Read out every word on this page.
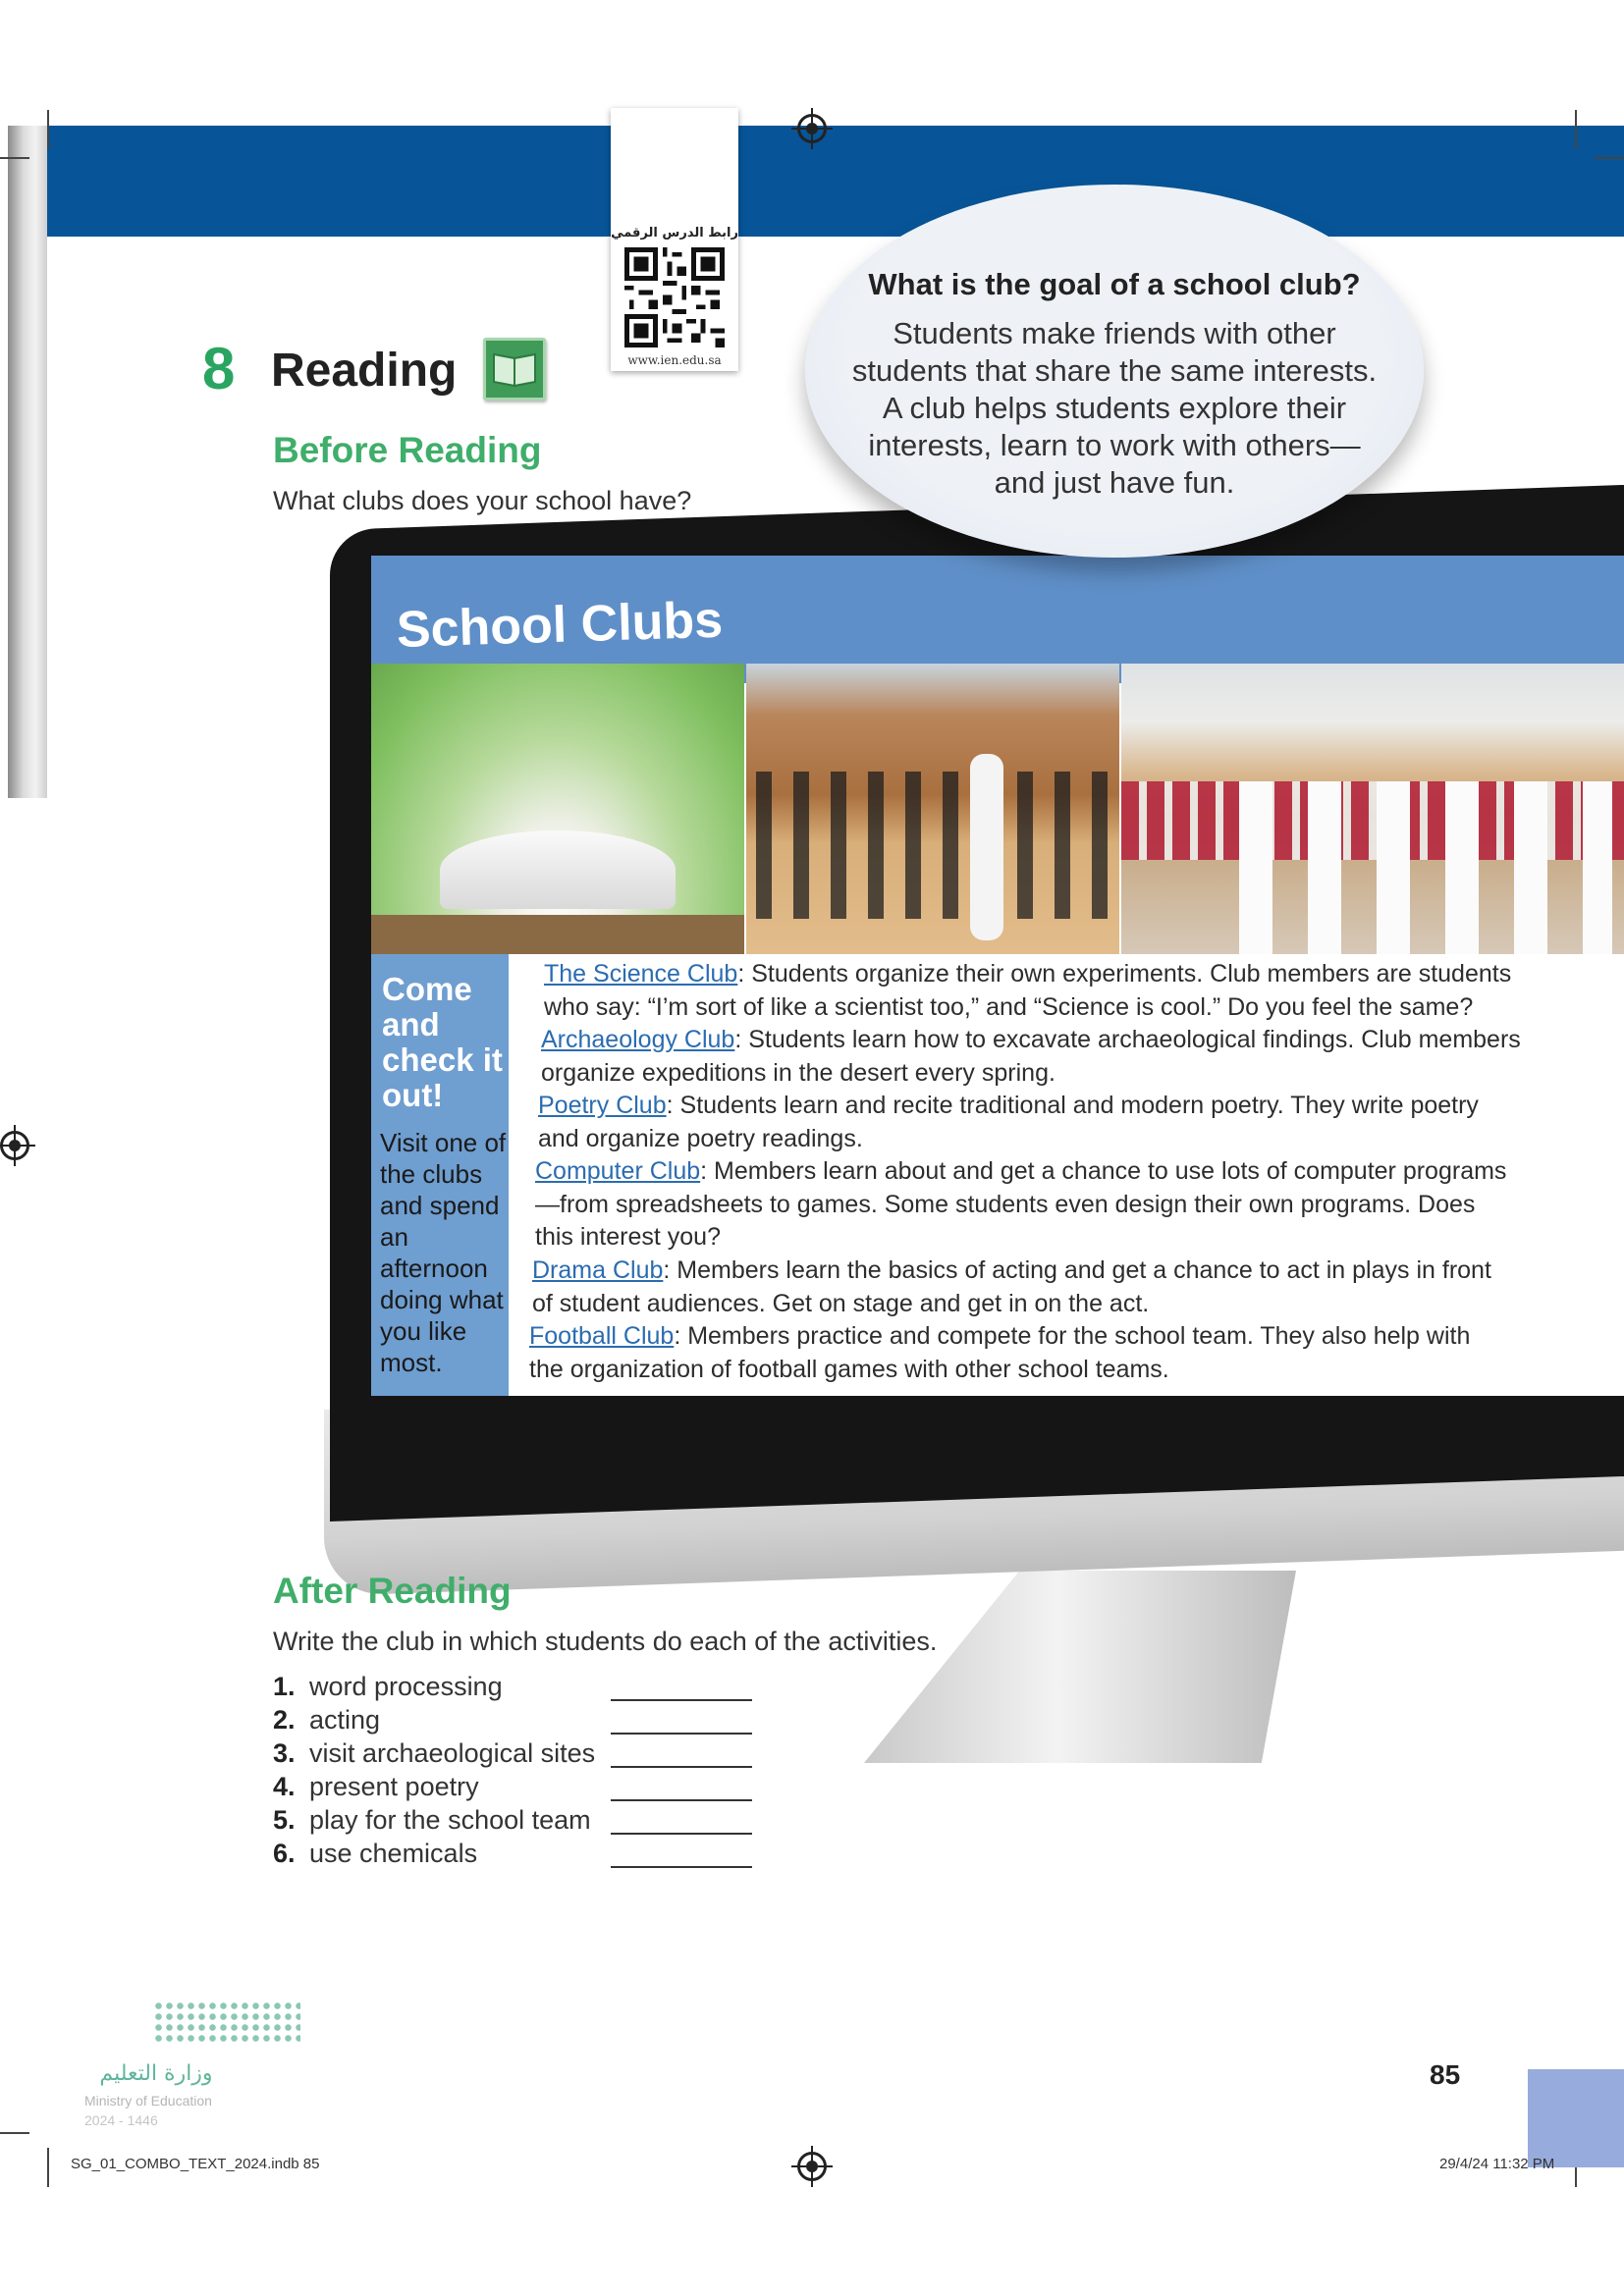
رابط الدرس الرقمي
www.ien.edu.sa
8 Reading
Before Reading
What clubs does your school have?
School Clubs
Come and check it out!
Visit one of the clubs and spend an afternoon doing what you like most.
The Science Club: Students organize their own experiments. Club members are students who say: “I’m sort of like a scientist too,” and “Science is cool.” Do you feel the same?
Archaeology Club: Students learn how to excavate archaeological findings. Club members organize expeditions in the desert every spring.
Poetry Club: Students learn and recite traditional and modern poetry. They write poetry and organize poetry readings.
Computer Club: Members learn about and get a chance to use lots of computer programs—from spreadsheets to games. Some students even design their own programs. Does this interest you?
Drama Club: Members learn the basics of acting and get a chance to act in plays in front of student audiences. Get on stage and get in on the act.
Football Club: Members practice and compete for the school team. They also help with the organization of football games with other school teams.
What is the goal of a school club?
Students make friends with other students that share the same interests. A club helps students explore their interests, learn to work with others— and just have fun.
After Reading
Write the club in which students do each of the activities.
1. word processing
2. acting
3. visit archaeological sites
4. present poetry
5. play for the school team
6. use chemicals
وزارة التعليم
Ministry of Education
2024 - 1446
85
SG_01_COMBO_TEXT_2024.indb 85	29/4/24 11:32 PM
